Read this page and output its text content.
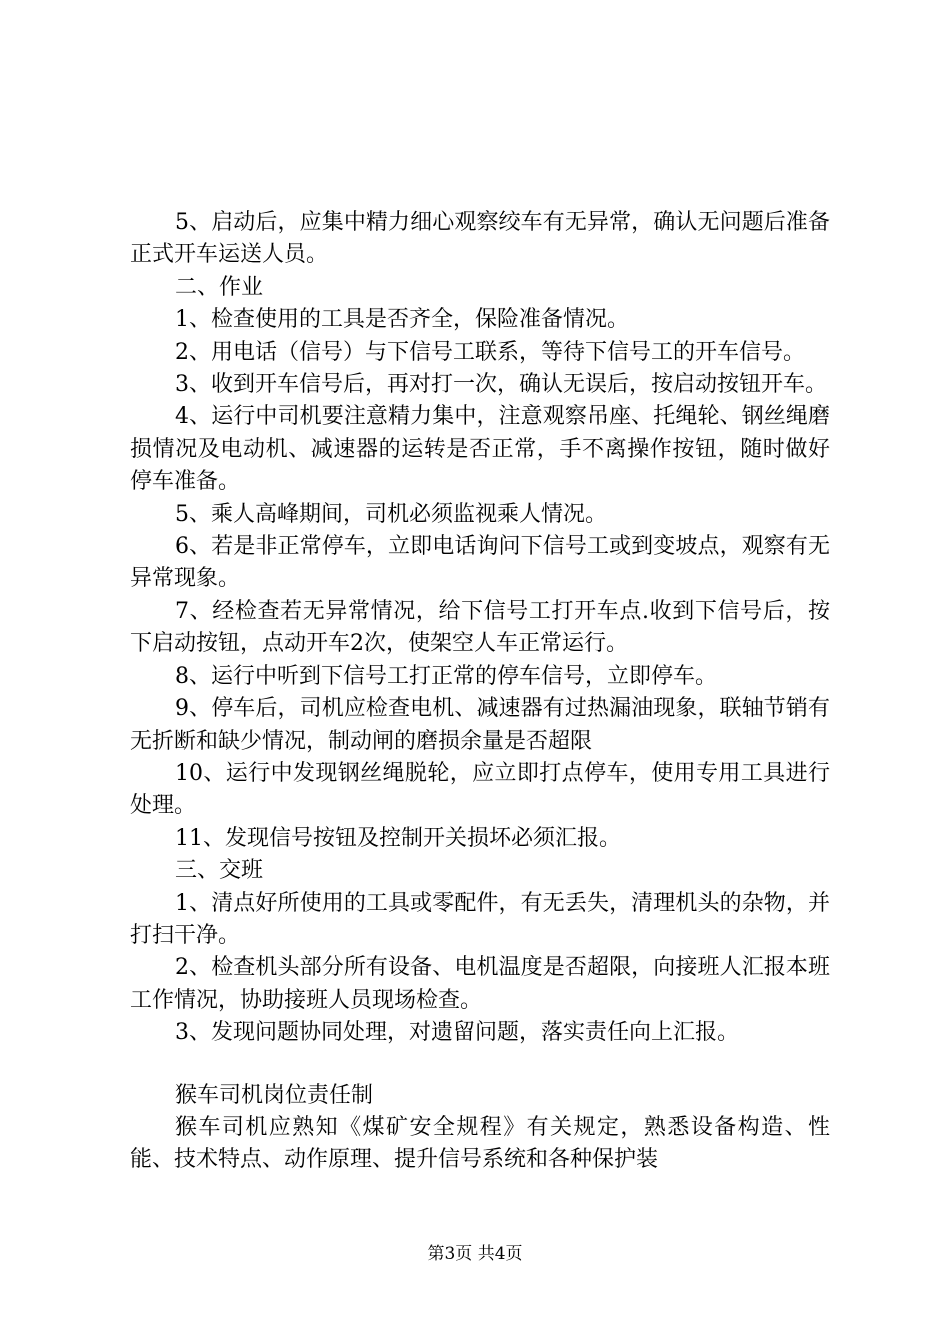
5、启动后，应集中精力细心观察绞车有无异常，确认无问题后准备正式开车运送人员。

二、作业

1、检查使用的工具是否齐全，保险准备情况。

2、用电话（信号）与下信号工联系，等待下信号工的开车信号。

3、收到开车信号后，再对打一次，确认无误后，按启动按钮开车。

4、运行中司机要注意精力集中，注意观察吊座、托绳轮、钢丝绳磨损情况及电动机、减速器的运转是否正常，手不离操作按钮，随时做好停车准备。

5、乘人高峰期间，司机必须监视乘人情况。

6、若是非正常停车，立即电话询问下信号工或到变坡点，观察有无异常现象。

7、经检查若无异常情况，给下信号工打开车点.收到下信号后，按下启动按钮，点动开车2次，使架空人车正常运行。

8、运行中听到下信号工打正常的停车信号，立即停车。

9、停车后，司机应检查电机、减速器有过热漏油现象，联轴节销有无折断和缺少情况，制动闸的磨损余量是否超限

10、运行中发现钢丝绳脱轮，应立即打点停车，使用专用工具进行处理。

11、发现信号按钮及控制开关损坏必须汇报。

三、交班

1、清点好所使用的工具或零配件，有无丢失，清理机头的杂物，并打扫干净。

2、检查机头部分所有设备、电机温度是否超限，向接班人汇报本班工作情况，协助接班人员现场检查。

3、发现问题协同处理，对遗留问题，落实责任向上汇报。

猴车司机岗位责任制

猴车司机应熟知《煤矿安全规程》有关规定，熟悉设备构造、性能、技术特点、动作原理、提升信号系统和各种保护装

第3页 共4页
